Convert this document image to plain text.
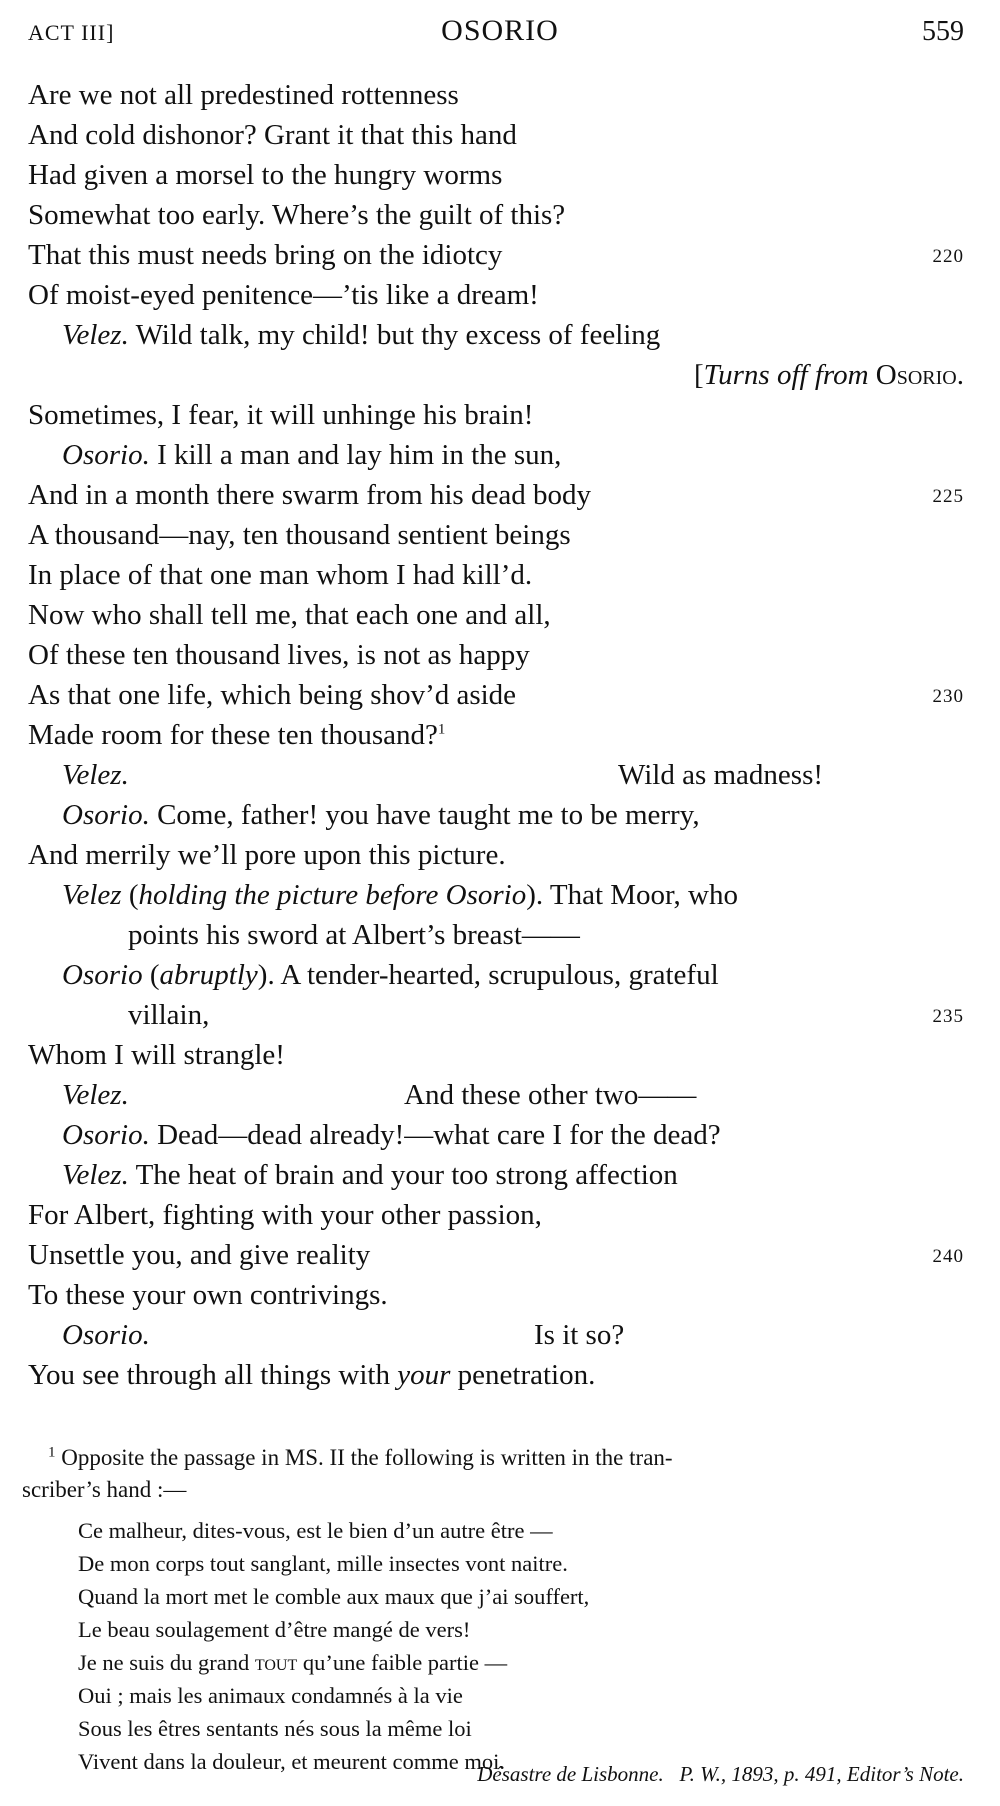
ACT III]	OSORIO	559
Are we not all predestined rottenness
And cold dishonor? Grant it that this hand
Had given a morsel to the hungry worms
Somewhat too early. Where’s the guilt of this?
That this must needs bring on the idiotcy	220
Of moist-eyed penitence—’tis like a dream!
Velez. Wild talk, my child! but thy excess of feeling
[Turns off from Osorio.
Sometimes, I fear, it will unhinge his brain!
Osorio. I kill a man and lay him in the sun,
And in a month there swarm from his dead body	225
A thousand—nay, ten thousand sentient beings
In place of that one man whom I had kill’d.
Now who shall tell me, that each one and all,
Of these ten thousand lives, is not as happy
As that one life, which being shov’d aside	230
Made room for these ten thousand?$^1$
Velez.	Wild as madness!
Osorio. Come, father! you have taught me to be merry,
And merrily we’ll pore upon this picture.
Velez (holding the picture before Osorio). That Moor, who
points his sword at Albert’s breast——
Osorio (abruptly). A tender-hearted, scrupulous, grateful
villain,	235
Whom I will strangle!
Velez.	And these other two——
Osorio. Dead—dead already!—what care I for the dead?
Velez. The heat of brain and your too strong affection
For Albert, fighting with your other passion,
Unsettle you, and give reality	240
To these your own contrivings.
Osorio.	Is it so?
You see through all things with your penetration.
$^1$ Opposite the passage in MS. II the following is written in the tran-
scriber’s hand :—
Ce malheur, dites-vous, est le bien d’un autre être —
De mon corps tout sanglant, mille insectes vont naitre.
Quand la mort met le comble aux maux que j’ai souffert,
Le beau soulagement d’être mangé de vers!
Je ne suis du grand tout qu’une faible partie —
Oui ; mais les animaux condamnés à la vie
Sous les êtres sentants nés sous la même loi
Vivent dans la douleur, et meurent comme moi.
Désastre de Lisbonne. P. W., 1893, p. 491, Editor’s Note.
